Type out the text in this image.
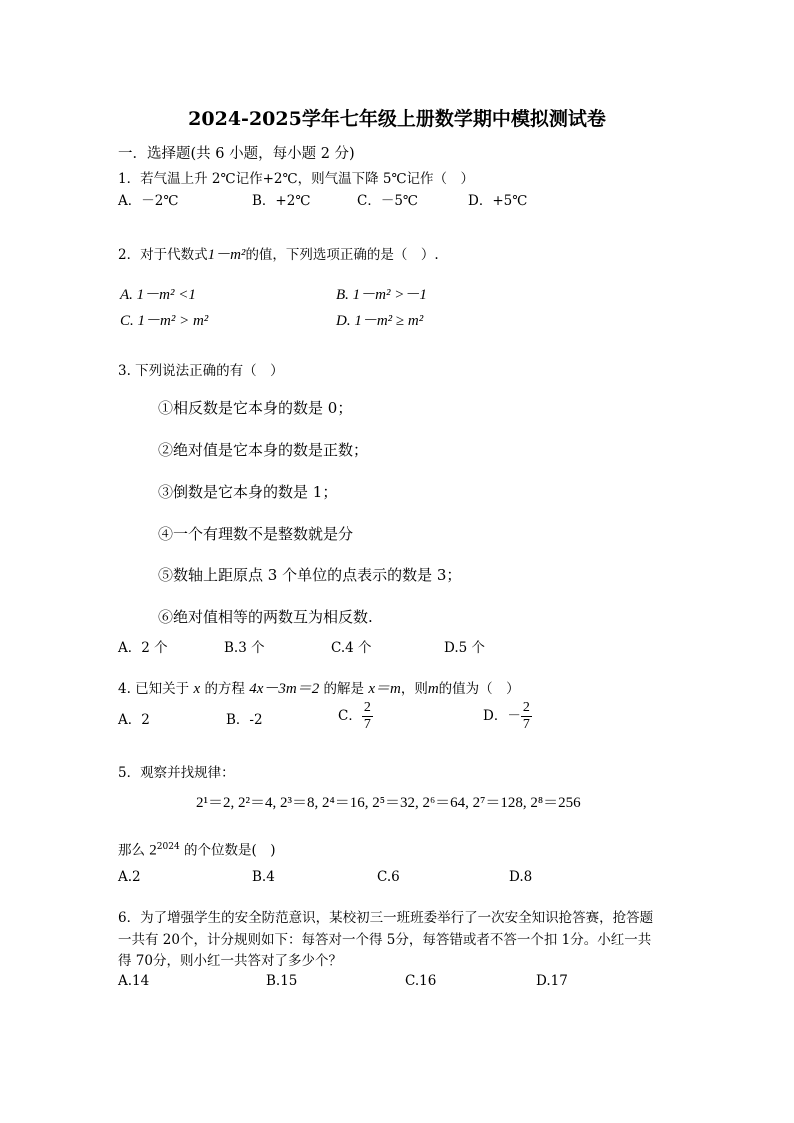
2024-2025学年七年级上册数学期中模拟测试卷
一．选择题(共 6 小题，每小题 2 分)
1．若气温上升 2℃记作+2℃，则气温下降 5℃记作（　）
A．－2℃	B．+2℃	C．－5℃	D．+5℃
2．对于代数式1－m²的值，下列选项正确的是（　）.
A. 1－m² <1	B. 1－m² >－1
C. 1－m² > m²	D. 1－m² ≥ m²
3. 下列说法正确的有（　）
①相反数是它本身的数是 0；
②绝对值是它本身的数是正数；
③倒数是它本身的数是 1；
④一个有理数不是整数就是分
⑤数轴上距原点 3 个单位的点表示的数是 3；
⑥绝对值相等的两数互为相反数.
A．2 个	B.3 个	C.4 个	D.5 个
4. 已知关于 x 的方程 4x－3m＝2 的解是 x＝m，则m的值为（　）
A．2	B．-2	C． $\frac{2}{7}$	D．－ $\frac{2}{7}$
5．观察并找规律：
2¹＝2, 2²＝4, 2³＝8, 2⁴＝16, 2⁵＝32, 2⁶＝64, 2⁷＝128, 2⁸＝256
那么 $2^{2024}$ 的个位数是(　)
A.2	B.4	C.6	D.8
6．为了增强学生的安全防范意识，某校初三一班班委举行了一次安全知识抢答赛，抢答题
一共有 20个，计分规则如下：每答对一个得 5分，每答错或者不答一个扣 1分。小红一共
得 70分，则小红一共答对了多少个？
A.14	B.15	C.16	D.17
